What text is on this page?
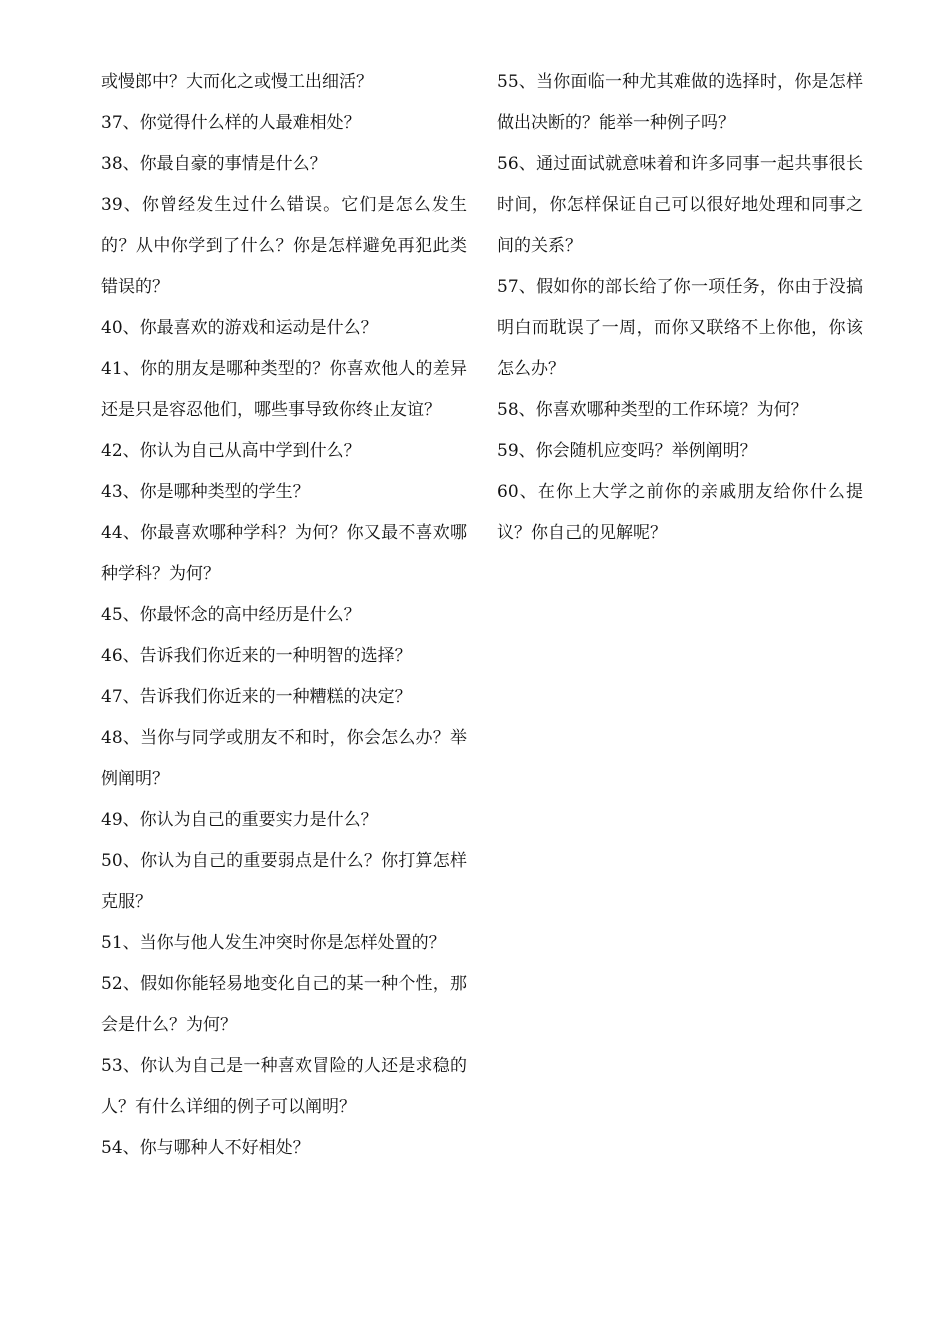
或慢郎中？大而化之或慢工出细活？

37、你觉得什么样的人最难相处？

38、你最自豪的事情是什么？

39、你曾经发生过什么错误。它们是怎么发生的？从中你学到了什么？你是怎样避免再犯此类错误的？

40、你最喜欢的游戏和运动是什么？

41、你的朋友是哪种类型的？你喜欢他人的差异还是只是容忍他们，哪些事导致你终止友谊？

42、你认为自己从高中学到什么？

43、你是哪种类型的学生？

44、你最喜欢哪种学科？为何？你又最不喜欢哪种学科？为何？

45、你最怀念的高中经历是什么？

46、告诉我们你近来的一种明智的选择？

47、告诉我们你近来的一种糟糕的决定？

48、当你与同学或朋友不和时，你会怎么办？举例阐明？

49、你认为自己的重要实力是什么？

50、你认为自己的重要弱点是什么？你打算怎样克服？

51、当你与他人发生冲突时你是怎样处置的？

52、假如你能轻易地变化自己的某一种个性，那会是什么？为何？

53、你认为自己是一种喜欢冒险的人还是求稳的人？有什么详细的例子可以阐明？

54、你与哪种人不好相处？

55、当你面临一种尤其难做的选择时，你是怎样做出决断的？能举一种例子吗？

56、通过面试就意味着和许多同事一起共事很长时间，你怎样保证自己可以很好地处理和同事之间的关系？

57、假如你的部长给了你一项任务，你由于没搞明白而耽误了一周，而你又联络不上你他，你该怎么办？

58、你喜欢哪种类型的工作环境？为何？

59、你会随机应变吗？举例阐明？

60、在你上大学之前你的亲戚朋友给你什么提议？你自己的见解呢？
